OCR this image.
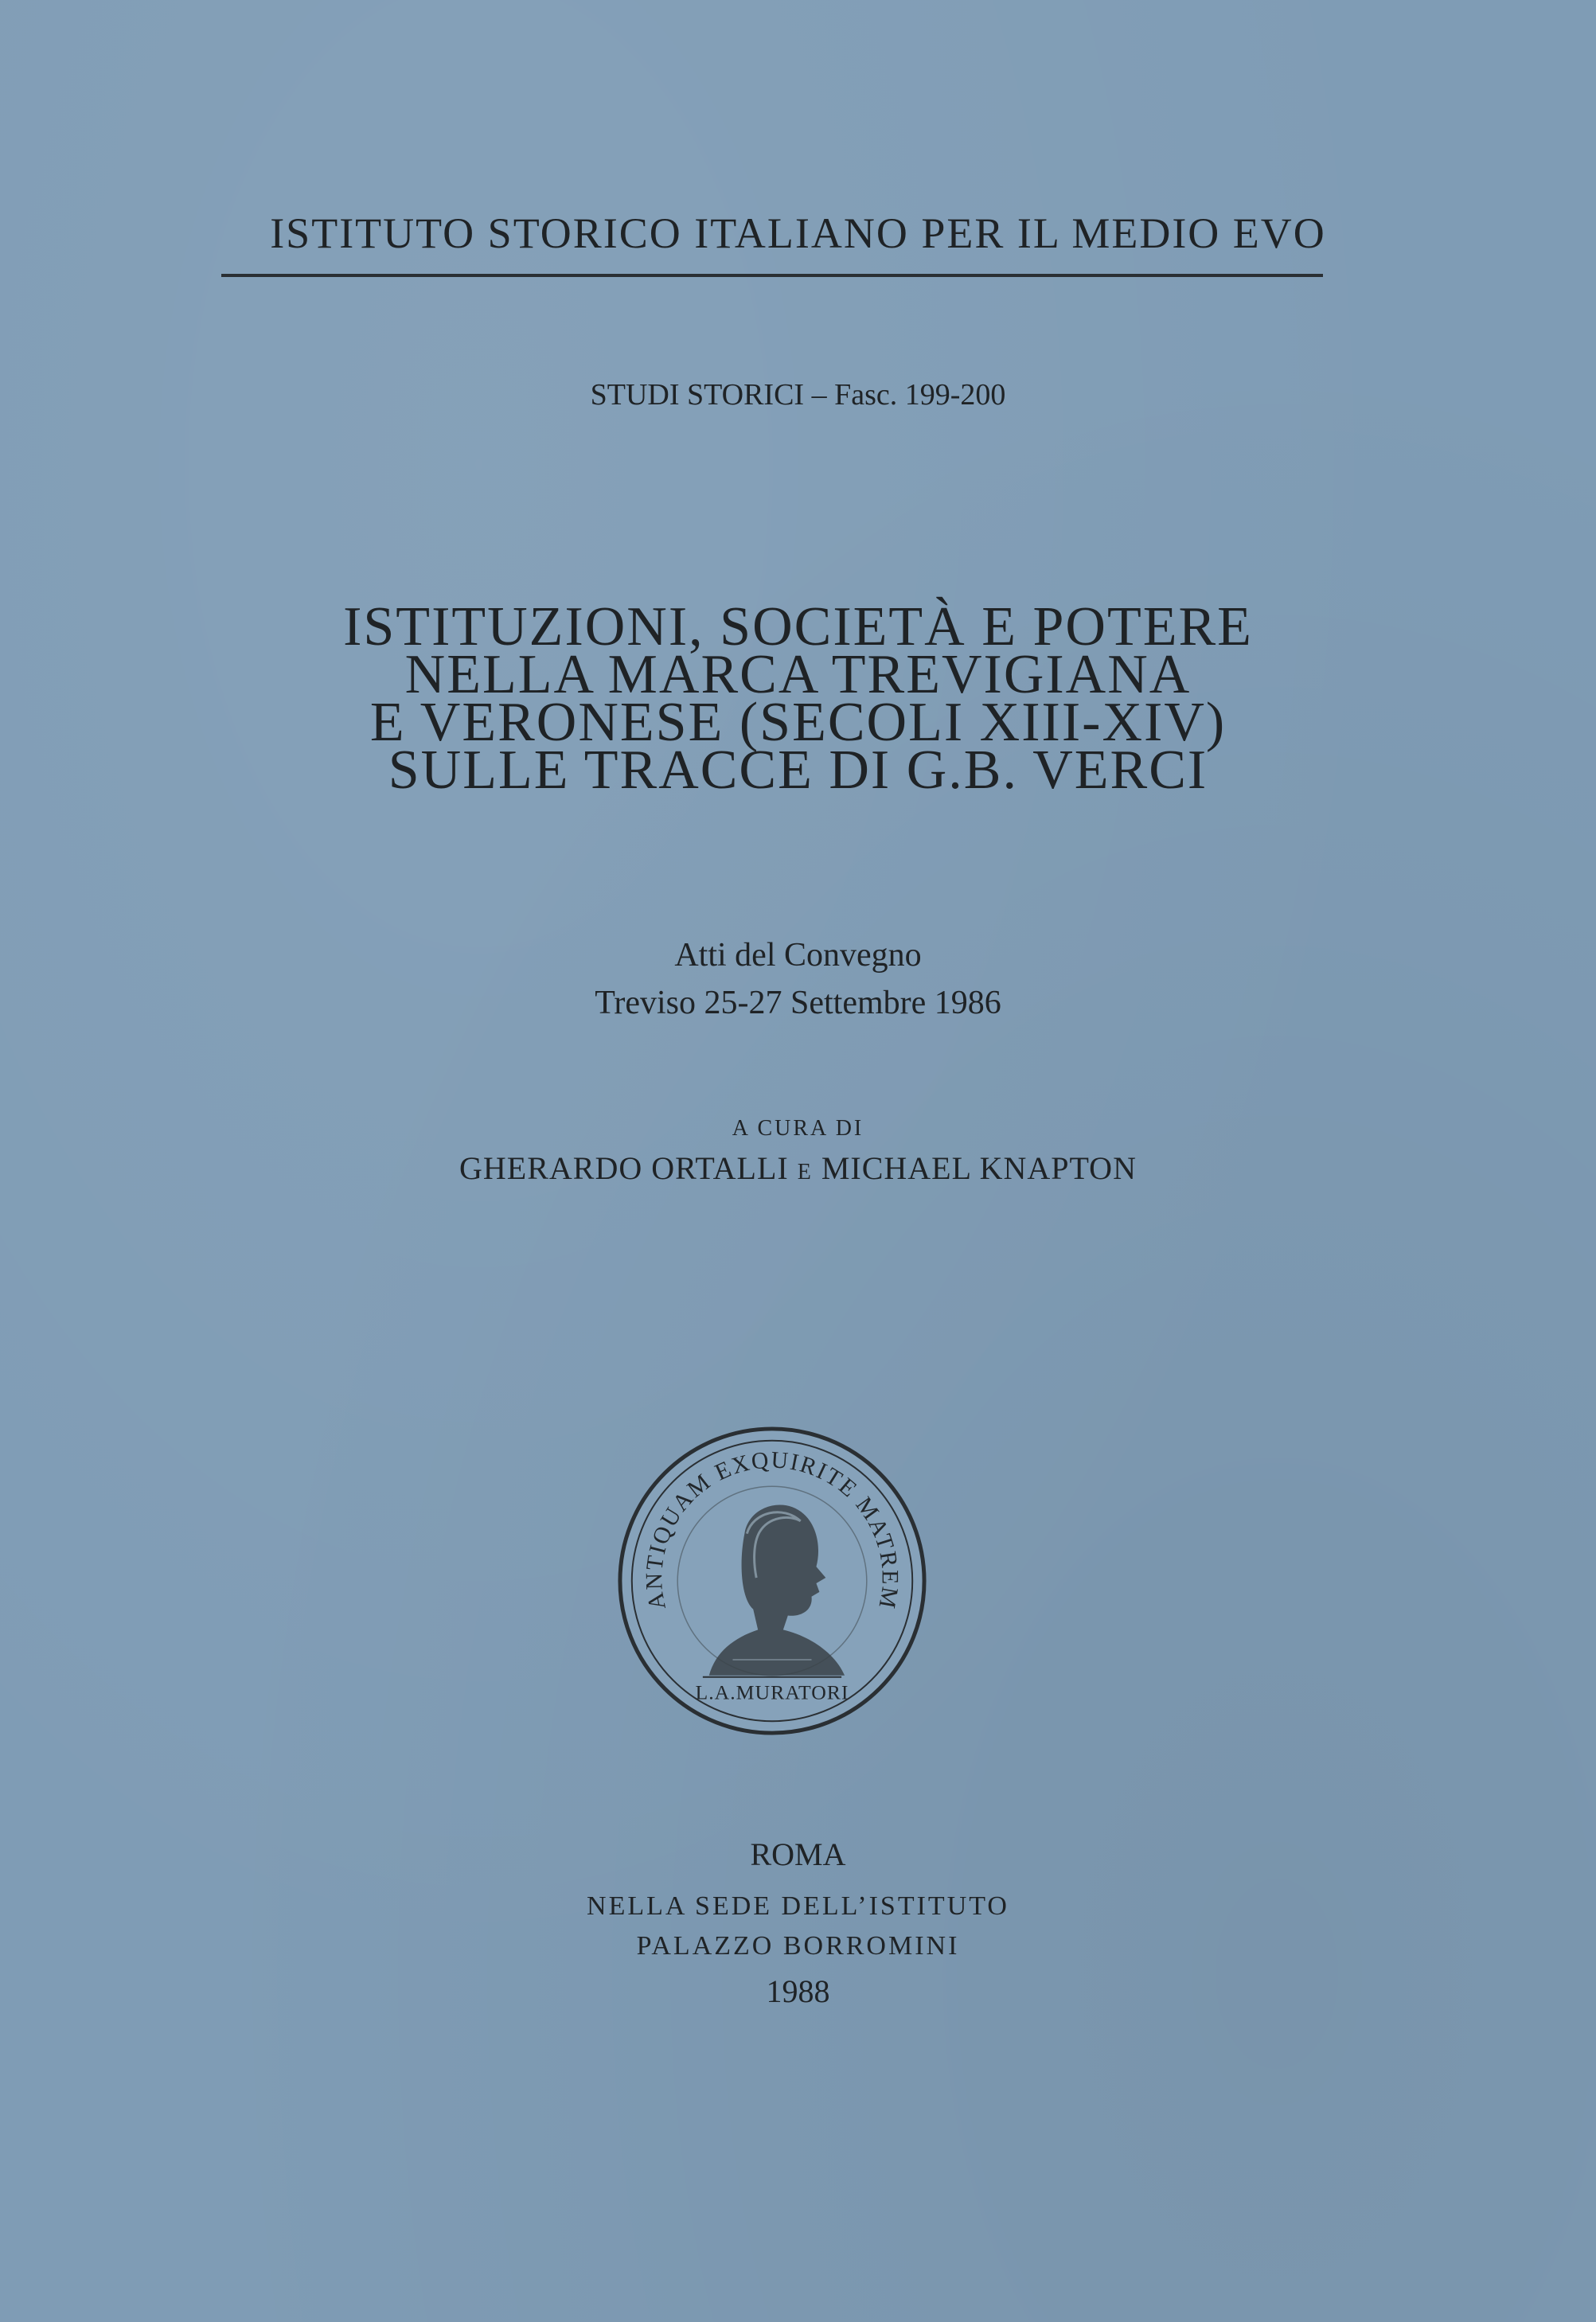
ISTITUTO STORICO ITALIANO PER IL MEDIO EVO
STUDI STORICI – Fasc. 199-200
ISTITUZIONI, SOCIETÀ E POTERE
NELLA MARCA TREVIGIANA
E VERONESE (SECOLI XIII-XIV)
SULLE TRACCE DI G.B. VERCI
Atti del Convegno
Treviso 25-27 Settembre 1986
A CURA DI
GHERARDO ORTALLI E MICHAEL KNAPTON
ANTIQUAM EXQUIRITE MATREM
L.A.MURATORI
ROMA
NELLA SEDE DELL’ISTITUTO
PALAZZO BORROMINI
1988
